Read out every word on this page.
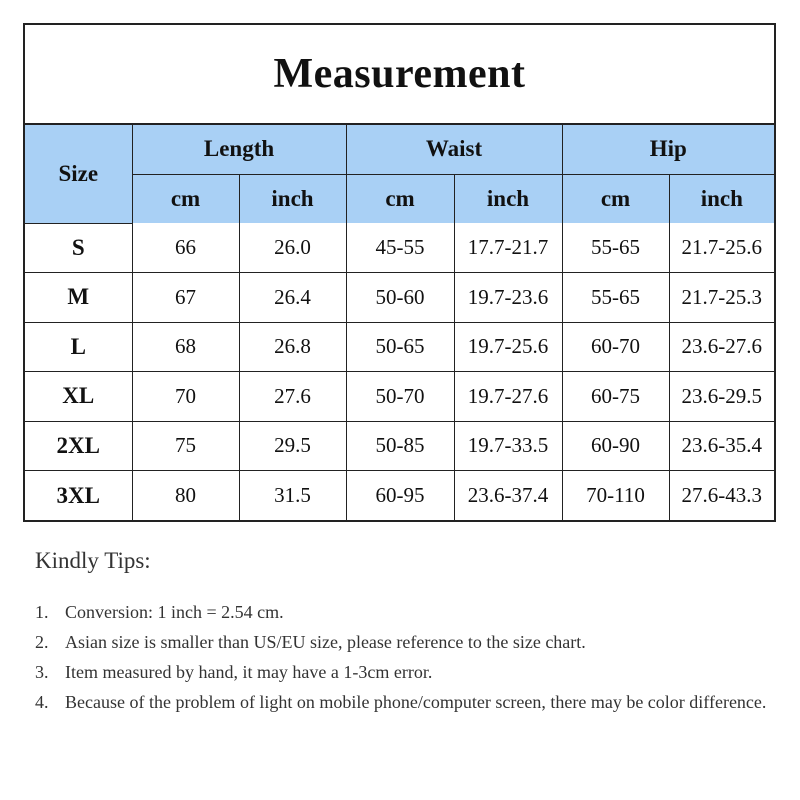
Measurement
Size	Length		Waist		Hip	
	cm	inch	cm	inch	cm	inch
S	66	26.0	45-55	17.7-21.7	55-65	21.7-25.6
M	67	26.4	50-60	19.7-23.6	55-65	21.7-25.3
L	68	26.8	50-65	19.7-25.6	60-70	23.6-27.6
XL	70	27.6	50-70	19.7-27.6	60-75	23.6-29.5
2XL	75	29.5	50-85	19.7-33.5	60-90	23.6-35.4
3XL	80	31.5	60-95	23.6-37.4	70-110	27.6-43.3
Kindly Tips:
1. Conversion: 1 inch = 2.54 cm.
2. Asian size is smaller than US/EU size, please reference to the size chart.
3. Item measured by hand, it may have a 1-3cm error.
4. Because of the problem of light on mobile phone/computer screen, there may be color difference.
